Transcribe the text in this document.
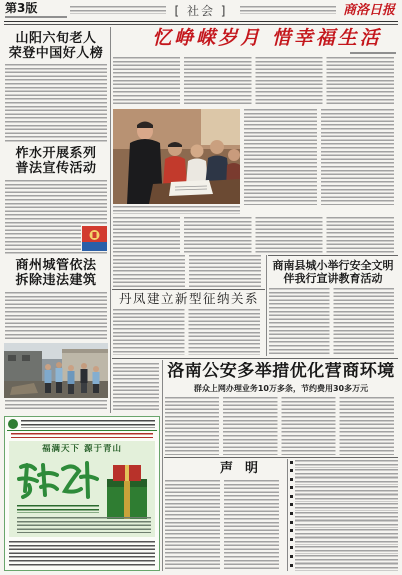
第3版	[ 社会 ]	商洛日报
山阳六旬老人
荣登中国好人榜
柞水开展系列
普法宣传活动
商州城管依法
拆除违法建筑
忆峥嵘岁月 惜幸福生活
商南县城小举行安全文明
伴我行宣讲教育活动
丹凤建立新型征纳关系
洛南公安多举措优化营商环境
群众上网办理业务10万多条，节约费用30多万元
福满天下 源于青山
声明
